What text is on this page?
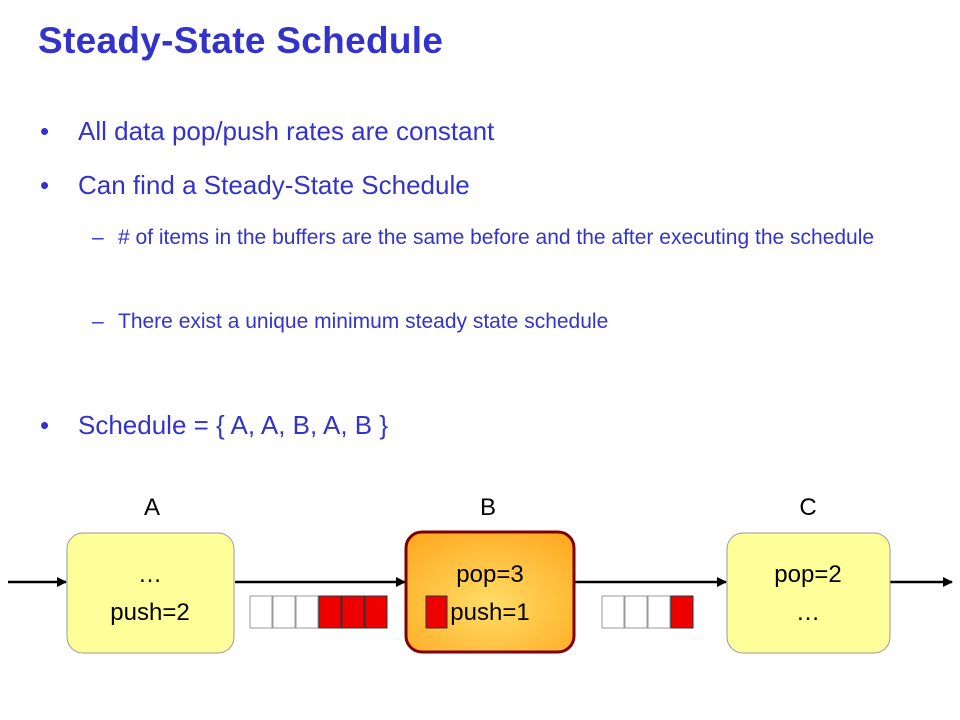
Steady-State Schedule
• All data pop/push rates are constant
• Can find a Steady-State Schedule
– # of items in the buffers are the same before and the after executing the schedule
– There exist a unique minimum steady state schedule
• Schedule = { A, A, B, A, B }
A
…
push=2
B
pop=3
push=1
C
pop=2
…
